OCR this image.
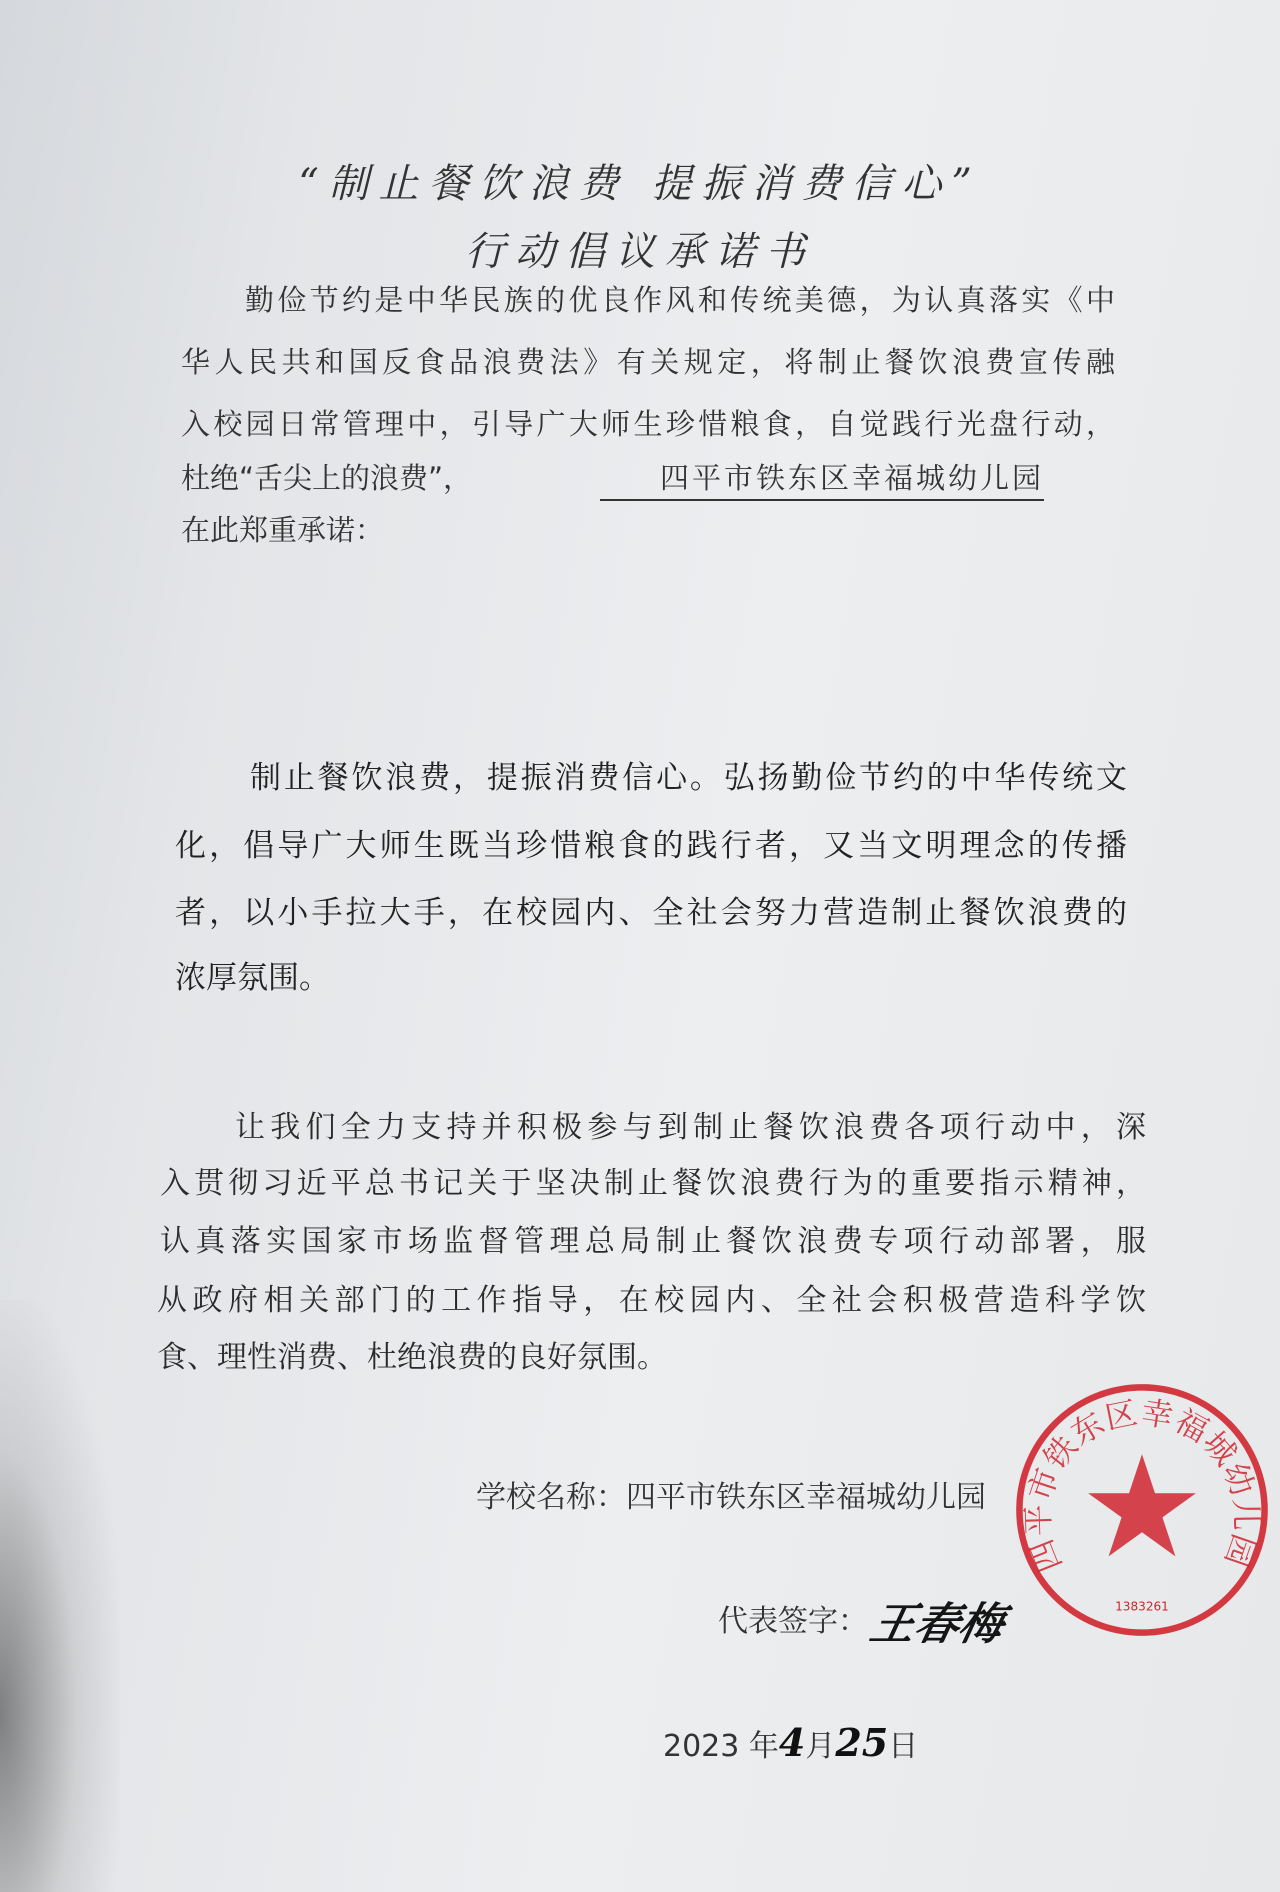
“制止餐饮浪费 提振消费信心”
行动倡议承诺书
勤俭节约是中华民族的优良作风和传统美德，为认真落实《中
华人民共和国反食品浪费法》有关规定，将制止餐饮浪费宣传融
入校园日常管理中，引导广大师生珍惜粮食，自觉践行光盘行动，
杜绝“舌尖上的浪费”，	四平市铁东区幸福城幼儿园
在此郑重承诺：
制止餐饮浪费，提振消费信心。弘扬勤俭节约的中华传统文
化，倡导广大师生既当珍惜粮食的践行者，又当文明理念的传播
者，以小手拉大手，在校园内、全社会努力营造制止餐饮浪费的
浓厚氛围。
让我们全力支持并积极参与到制止餐饮浪费各项行动中，深
入贯彻习近平总书记关于坚决制止餐饮浪费行为的重要指示精神，
认真落实国家市场监督管理总局制止餐饮浪费专项行动部署，服
从政府相关部门的工作指导，在校园内、全社会积极营造科学饮
食、理性消费、杜绝浪费的良好氛围。
学校名称：四平市铁东区幸福城幼儿园
代表签字：
王春梅
2023 年4月25日
四平市铁东区幸福城幼儿园
1383261
